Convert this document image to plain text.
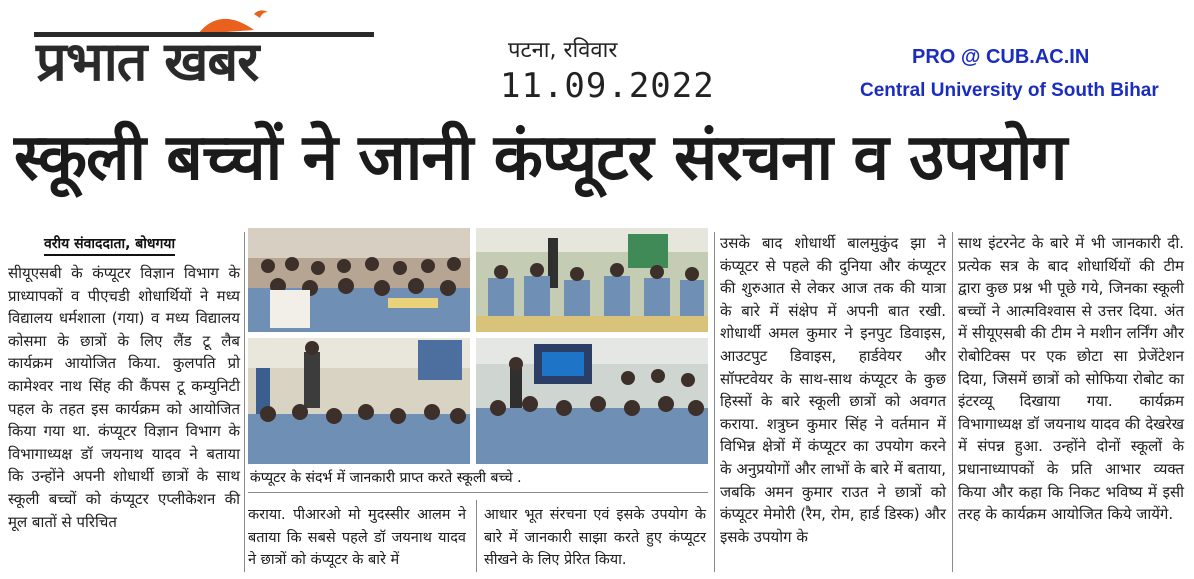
प्रभात खबर	पटना, रविवार
11.09.2022
PRO @ CUB.AC.IN
Central University of South Bihar
स्कूली बच्चों ने जानी कंप्यूटर संरचना व उपयोग
वरीय संवाददाता, बोधगया
सीयूएसबी के कंप्यूटर विज्ञान विभाग के प्राध्यापकों व पीएचडी शोधार्थियों ने मध्य विद्यालय धर्मशाला (गया) व मध्य विद्यालय कोसमा के छात्रों के लिए लैंड टू लैब कार्यक्रम आयोजित किया. कुलपति प्रो कामेश्वर नाथ सिंह की कैंपस टू कम्युनिटी पहल के तहत इस कार्यक्रम को आयोजित किया गया था. कंप्यूटर विज्ञान विभाग के विभागाध्यक्ष डॉ जयनाथ यादव ने बताया कि उन्होंने अपनी शोधार्थी छात्रों के साथ स्कूली बच्चों को कंप्यूटर एप्लीकेशन की मूल बातों से परिचित
कंप्यूटर के संदर्भ में जानकारी प्राप्त करते स्कूली बच्चे .
कराया. पीआरओ मो मुदस्सीर आलम ने बताया कि सबसे पहले डॉ जयनाथ यादव ने छात्रों को कंप्यूटर के बारे में
आधार भूत संरचना एवं इसके उपयोग के बारे में जानकारी साझा करते हुए कंप्यूटर सीखने के लिए प्रेरित किया.
उसके बाद शोधार्थी बालमुकुंद झा ने कंप्यूटर से पहले की दुनिया और कंप्यूटर की शुरुआत से लेकर आज तक की यात्रा के बारे में संक्षेप में अपनी बात रखी. शोधार्थी अमल कुमार ने इनपुट डिवाइस, आउटपुट डिवाइस, हार्डवेयर और सॉफ्टवेयर के साथ-साथ कंप्यूटर के कुछ हिस्सों के बारे स्कूली छात्रों को अवगत कराया. शत्रुघ्न कुमार सिंह ने वर्तमान में विभिन्न क्षेत्रों में कंप्यूटर का उपयोग करने के अनुप्रयोगों और लाभों के बारे में बताया, जबकि अमन कुमार राउत ने छात्रों को कंप्यूटर मेमोरी (रैम, रोम, हार्ड डिस्क) और इसके उपयोग के
साथ इंटरनेट के बारे में भी जानकारी दी. प्रत्येक सत्र के बाद शोधार्थियों की टीम द्वारा कुछ प्रश्न भी पूछे गये, जिनका स्कूली बच्चों ने आत्मविश्वास से उत्तर दिया. अंत में सीयूएसबी की टीम ने मशीन लर्निंग और रोबोटिक्स पर एक छोटा सा प्रेजेंटेशन दिया, जिसमें छात्रों को सोफिया रोबोट का इंटरव्यू दिखाया गया. कार्यक्रम विभागाध्यक्ष डॉ जयनाथ यादव की देखरेख में संपन्न हुआ. उन्होंने दोनों स्कूलों के प्रधानाध्यापकों के प्रति आभार व्यक्त किया और कहा कि निकट भविष्य में इसी तरह के कार्यक्रम आयोजित किये जायेंगे.
